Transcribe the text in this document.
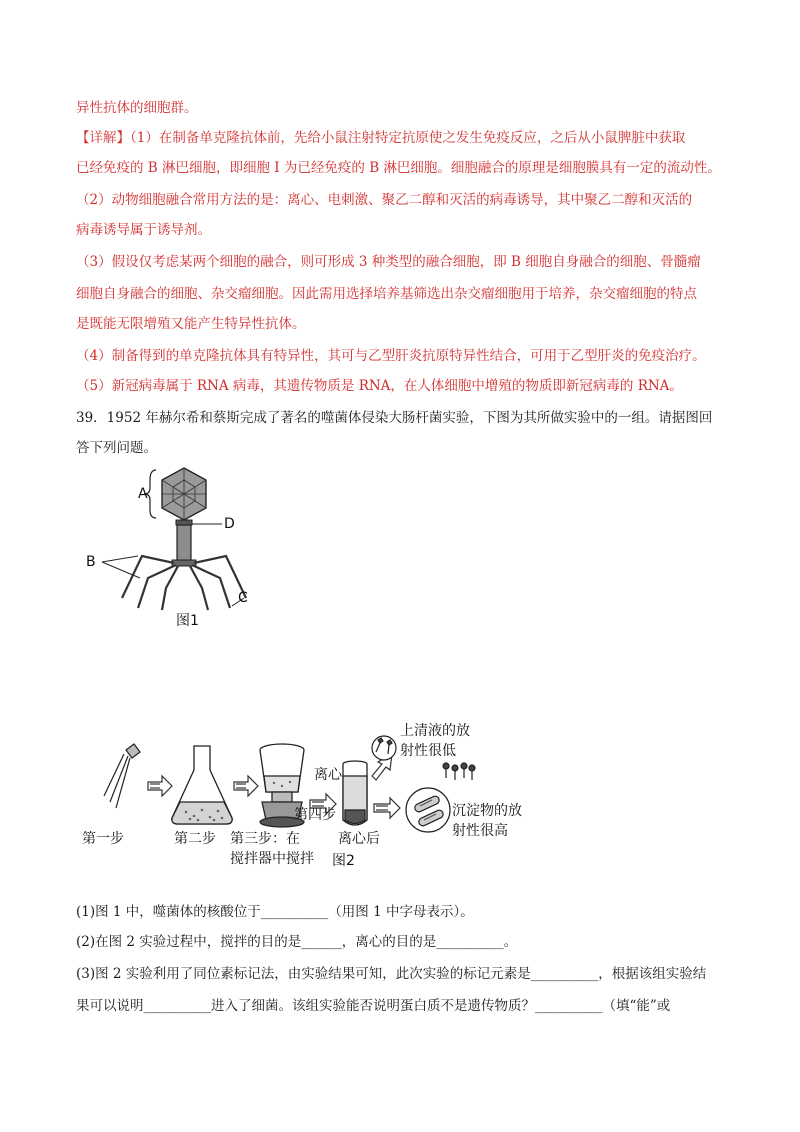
异性抗体的细胞群。
【详解】（1）在制备单克隆抗体前，先给小鼠注射特定抗原使之发生免疫反应，之后从小鼠脾脏中获取
已经免疫的 B 淋巴细胞，即细胞 I 为已经免疫的 B 淋巴细胞。细胞融合的原理是细胞膜具有一定的流动性。
（2）动物细胞融合常用方法的是：离心、电刺激、聚乙二醇和灭活的病毒诱导，其中聚乙二醇和灭活的
病毒诱导属于诱导剂。
（3）假设仅考虑某两个细胞的融合，则可形成 3 种类型的融合细胞，即 B 细胞自身融合的细胞、骨髓瘤
细胞自身融合的细胞、杂交瘤细胞。因此需用选择培养基筛选出杂交瘤细胞用于培养，杂交瘤细胞的特点
是既能无限增殖又能产生特异性抗体。
（4）制备得到的单克隆抗体具有特异性，其可与乙型肝炎抗原特异性结合，可用于乙型肝炎的免疫治疗。
（5）新冠病毒属于 RNA 病毒，其遗传物质是 RNA，在人体细胞中增殖的物质即新冠病毒的 RNA。
39．1952 年赫尔希和蔡斯完成了著名的噬菌体侵染大肠杆菌实验，下图为其所做实验中的一组。请据图回
答下列问题。
A
D
B
C
图1
第一步	第二步 第三步：在
搅拌器中搅拌
离心
第四步
离心后
上清液的放
射性很低
沉淀物的放
射性很高
图2
(1)图 1 中，噬菌体的核酸位于__________（用图 1 中字母表示）。
(2)在图 2 实验过程中，搅拌的目的是______，离心的目的是__________。
(3)图 2 实验利用了同位素标记法，由实验结果可知，此次实验的标记元素是__________，根据该组实验结
果可以说明__________进入了细菌。该组实验能否说明蛋白质不是遗传物质？__________（填“能”或
